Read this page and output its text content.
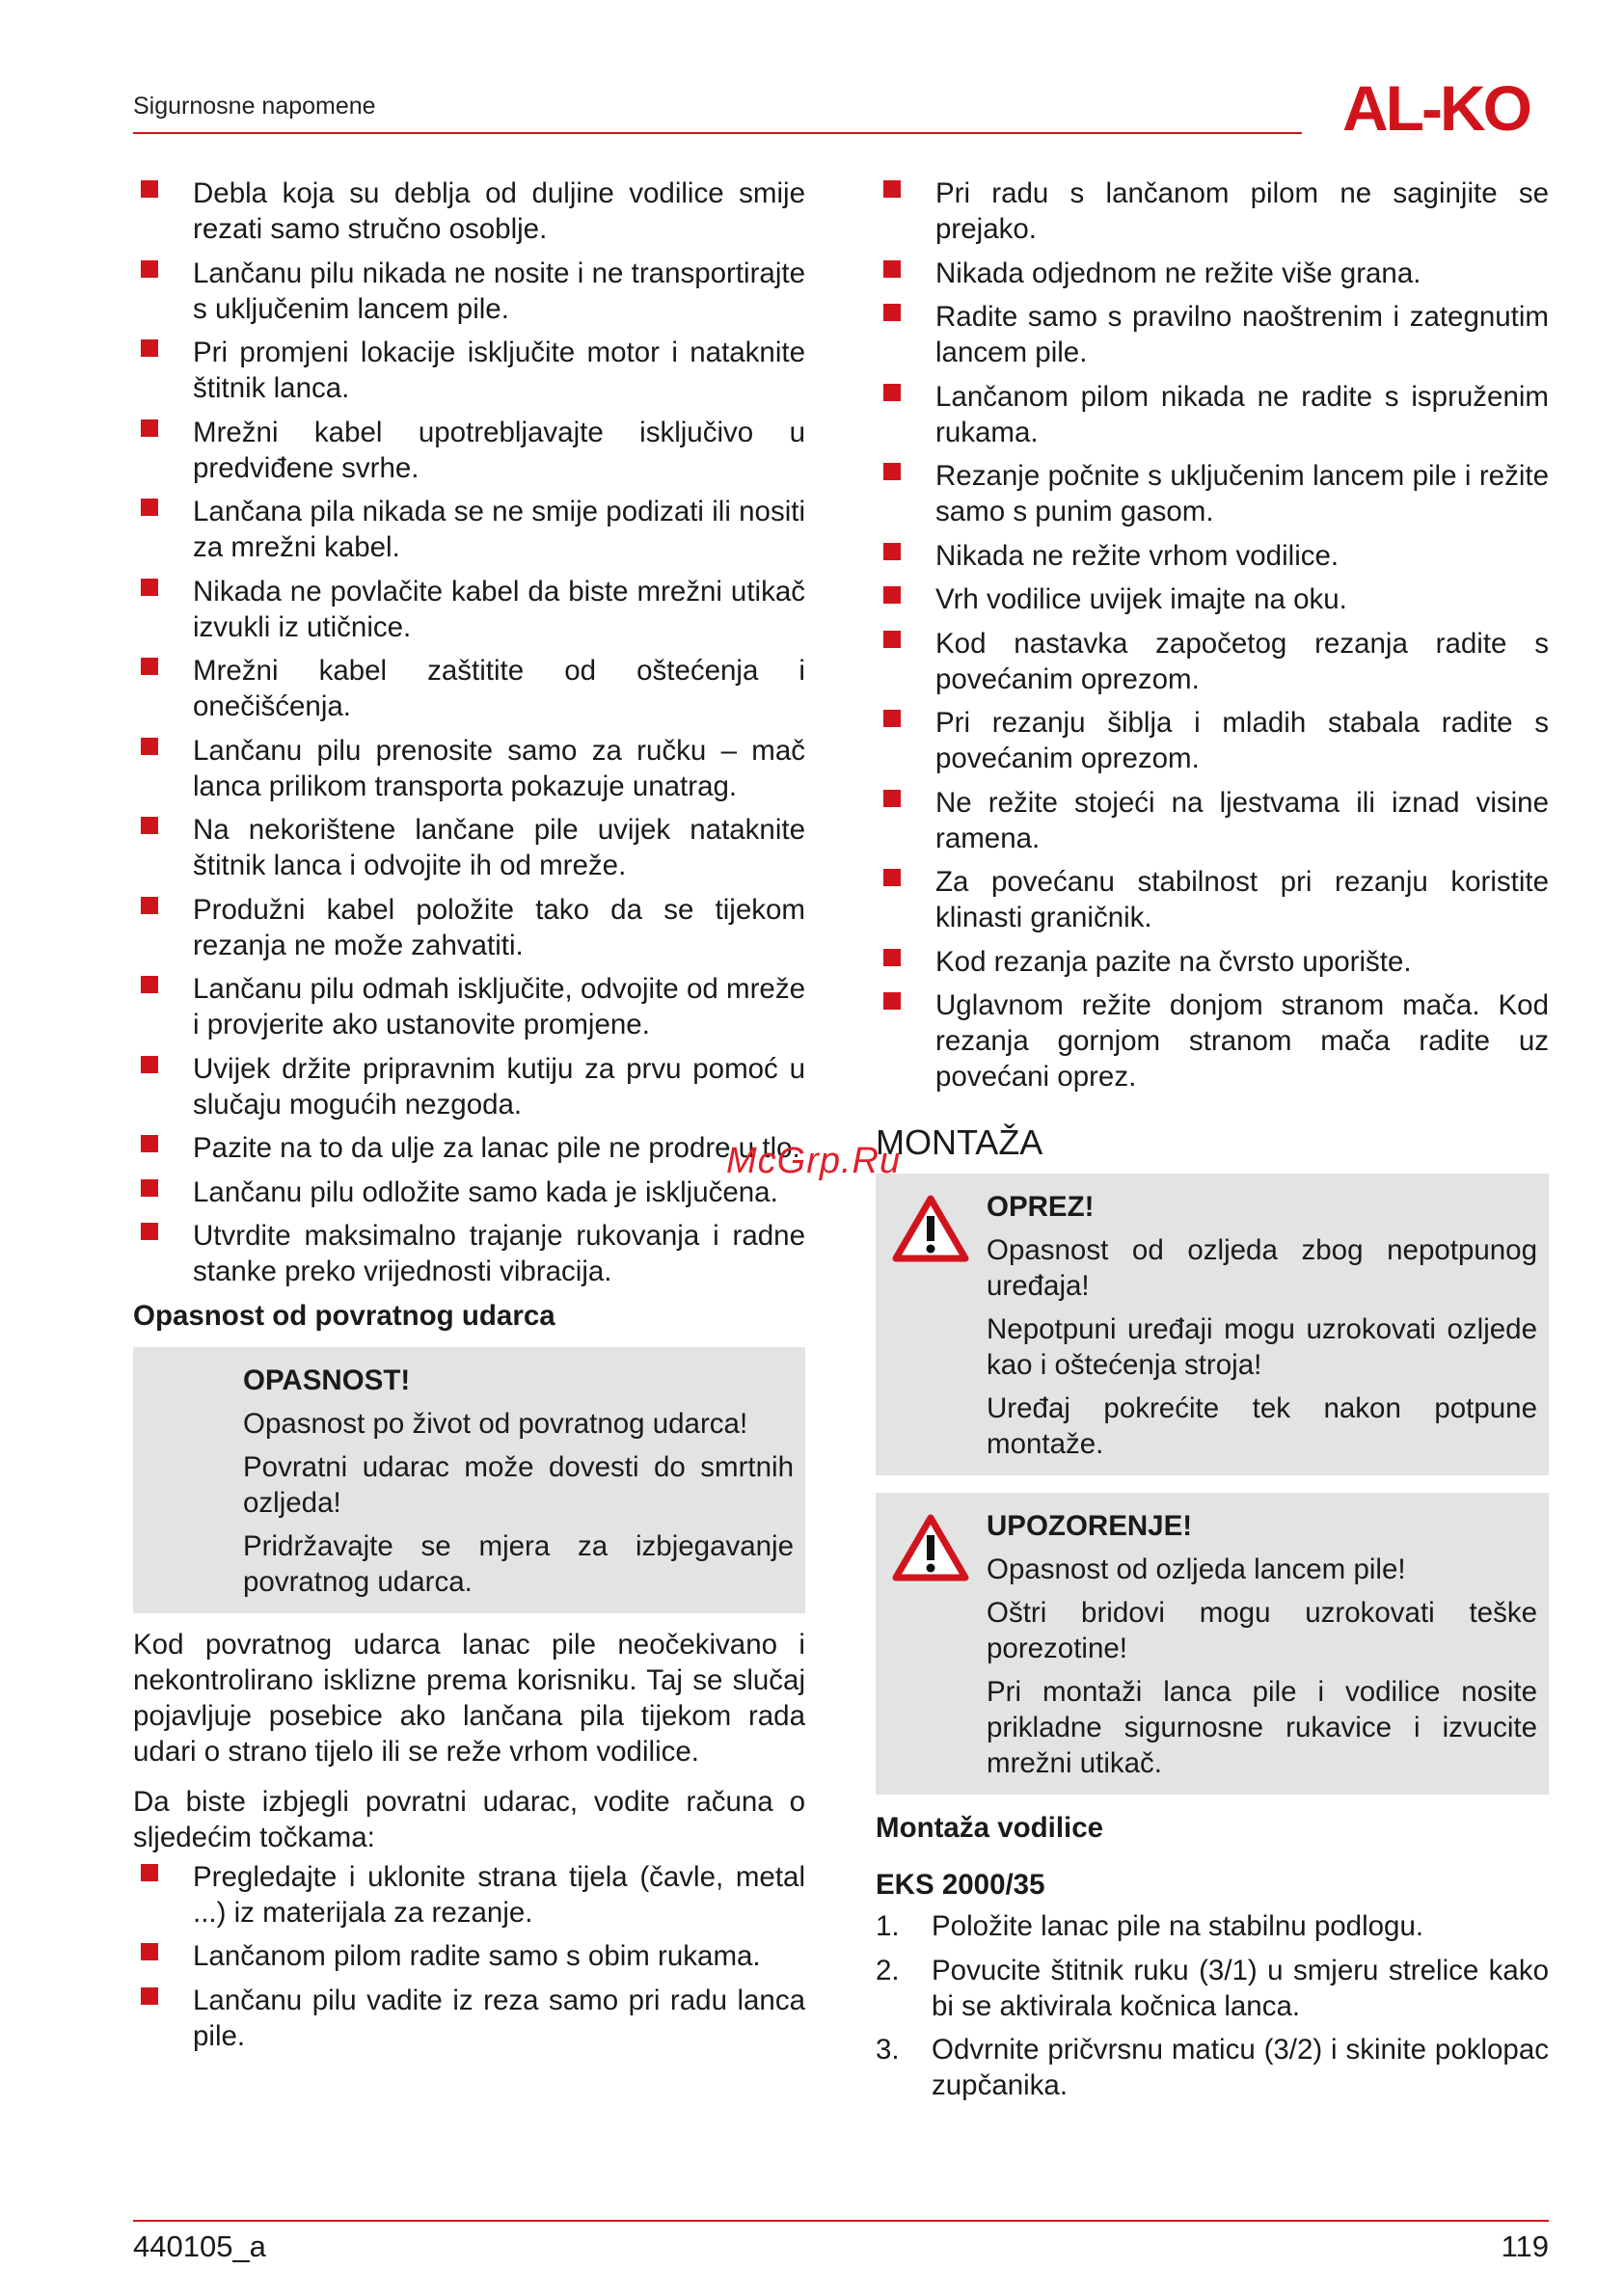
Sigurnosne napomene	AL-KO
Debla koja su deblja od duljine vodilice smije rezati samo stručno osoblje.
Lančanu pilu nikada ne nosite i ne transportirajte s uključenim lancem pile.
Pri promjeni lokacije isključite motor i nataknite štitnik lanca.
Mrežni kabel upotrebljavajte isključivo u predviđene svrhe.
Lančana pila nikada se ne smije podizati ili nositi za mrežni kabel.
Nikada ne povlačite kabel da biste mrežni utikač izvukli iz utičnice.
Mrežni kabel zaštitite od oštećenja i onečišćenja.
Lančanu pilu prenosite samo za ručku – mač lanca prilikom transporta pokazuje unatrag.
Na nekorištene lančane pile uvijek nataknite štitnik lanca i odvojite ih od mreže.
Produžni kabel položite tako da se tijekom rezanja ne može zahvatiti.
Lančanu pilu odmah isključite, odvojite od mreže i provjerite ako ustanovite promjene.
Uvijek držite pripravnim kutiju za prvu pomoć u slučaju mogućih nezgoda.
Pazite na to da ulje za lanac pile ne prodre u tlo.
Lančanu pilu odložite samo kada je isključena.
Utvrdite maksimalno trajanje rukovanja i radne stanke preko vrijednosti vibracija.
Opasnost od povratnog udarca
OPASNOST!
Opasnost po život od povratnog udarca!
Povratni udarac može dovesti do smrtnih ozljeda!
Pridržavajte se mjera za izbjegavanje povratnog udarca.

Kod povratnog udarca lanac pile neočekivano i nekontrolirano isklizne prema korisniku. Taj se slučaj pojavljuje posebice ako lančana pila tijekom rada udari o strano tijelo ili se reže vrhom vodilice.

Da biste izbjegli povratni udarac, vodite računa o sljedećim točkama:

Pregledajte i uklonite strana tijela (čavle, metal ...) iz materijala za rezanje.
Lančanom pilom radite samo s obim rukama.
Lančanu pilu vadite iz reza samo pri radu lanca pile.
Pri radu s lančanom pilom ne saginjite se prejako.
Nikada odjednom ne režite više grana.
Radite samo s pravilno naoštrenim i zategnutim lancem pile.
Lančanom pilom nikada ne radite s ispruženim rukama.
Rezanje počnite s uključenim lancem pile i režite samo s punim gasom.
Nikada ne režite vrhom vodilice.
Vrh vodilice uvijek imajte na oku.
Kod nastavka započetog rezanja radite s povećanim oprezom.
Pri rezanju šiblja i mladih stabala radite s povećanim oprezom.
Ne režite stojeći na ljestvama ili iznad visine ramena.
Za povećanu stabilnost pri rezanju koristite klinasti graničnik.
Kod rezanja pazite na čvrsto uporište.
Uglavnom režite donjom stranom mača. Kod rezanja gornjom stranom mača radite uz povećani oprez.
MONTAŽA
OPREZ!
Opasnost od ozljeda zbog nepotpunog uređaja!
Nepotpuni uređaji mogu uzrokovati ozljede kao i oštećenja stroja!
Uređaj pokrećite tek nakon potpune montaže.
UPOZORENJE!
Opasnost od ozljeda lancem pile!
Oštri bridovi mogu uzrokovati teške porezotine!
Pri montaži lanca pile i vodilice nosite prikladne sigurnosne rukavice i izvucite mrežni utikač.
Montaža vodilice
EKS 2000/35
1. Položite lanac pile na stabilnu podlogu.
2. Povucite štitnik ruku (3/1) u smjeru strelice kako bi se aktivirala kočnica lanca.
3. Odvrnite pričvrsnu maticu (3/2) i skinite poklopac zupčanika.
McGrp.Ru
440105_a	119
